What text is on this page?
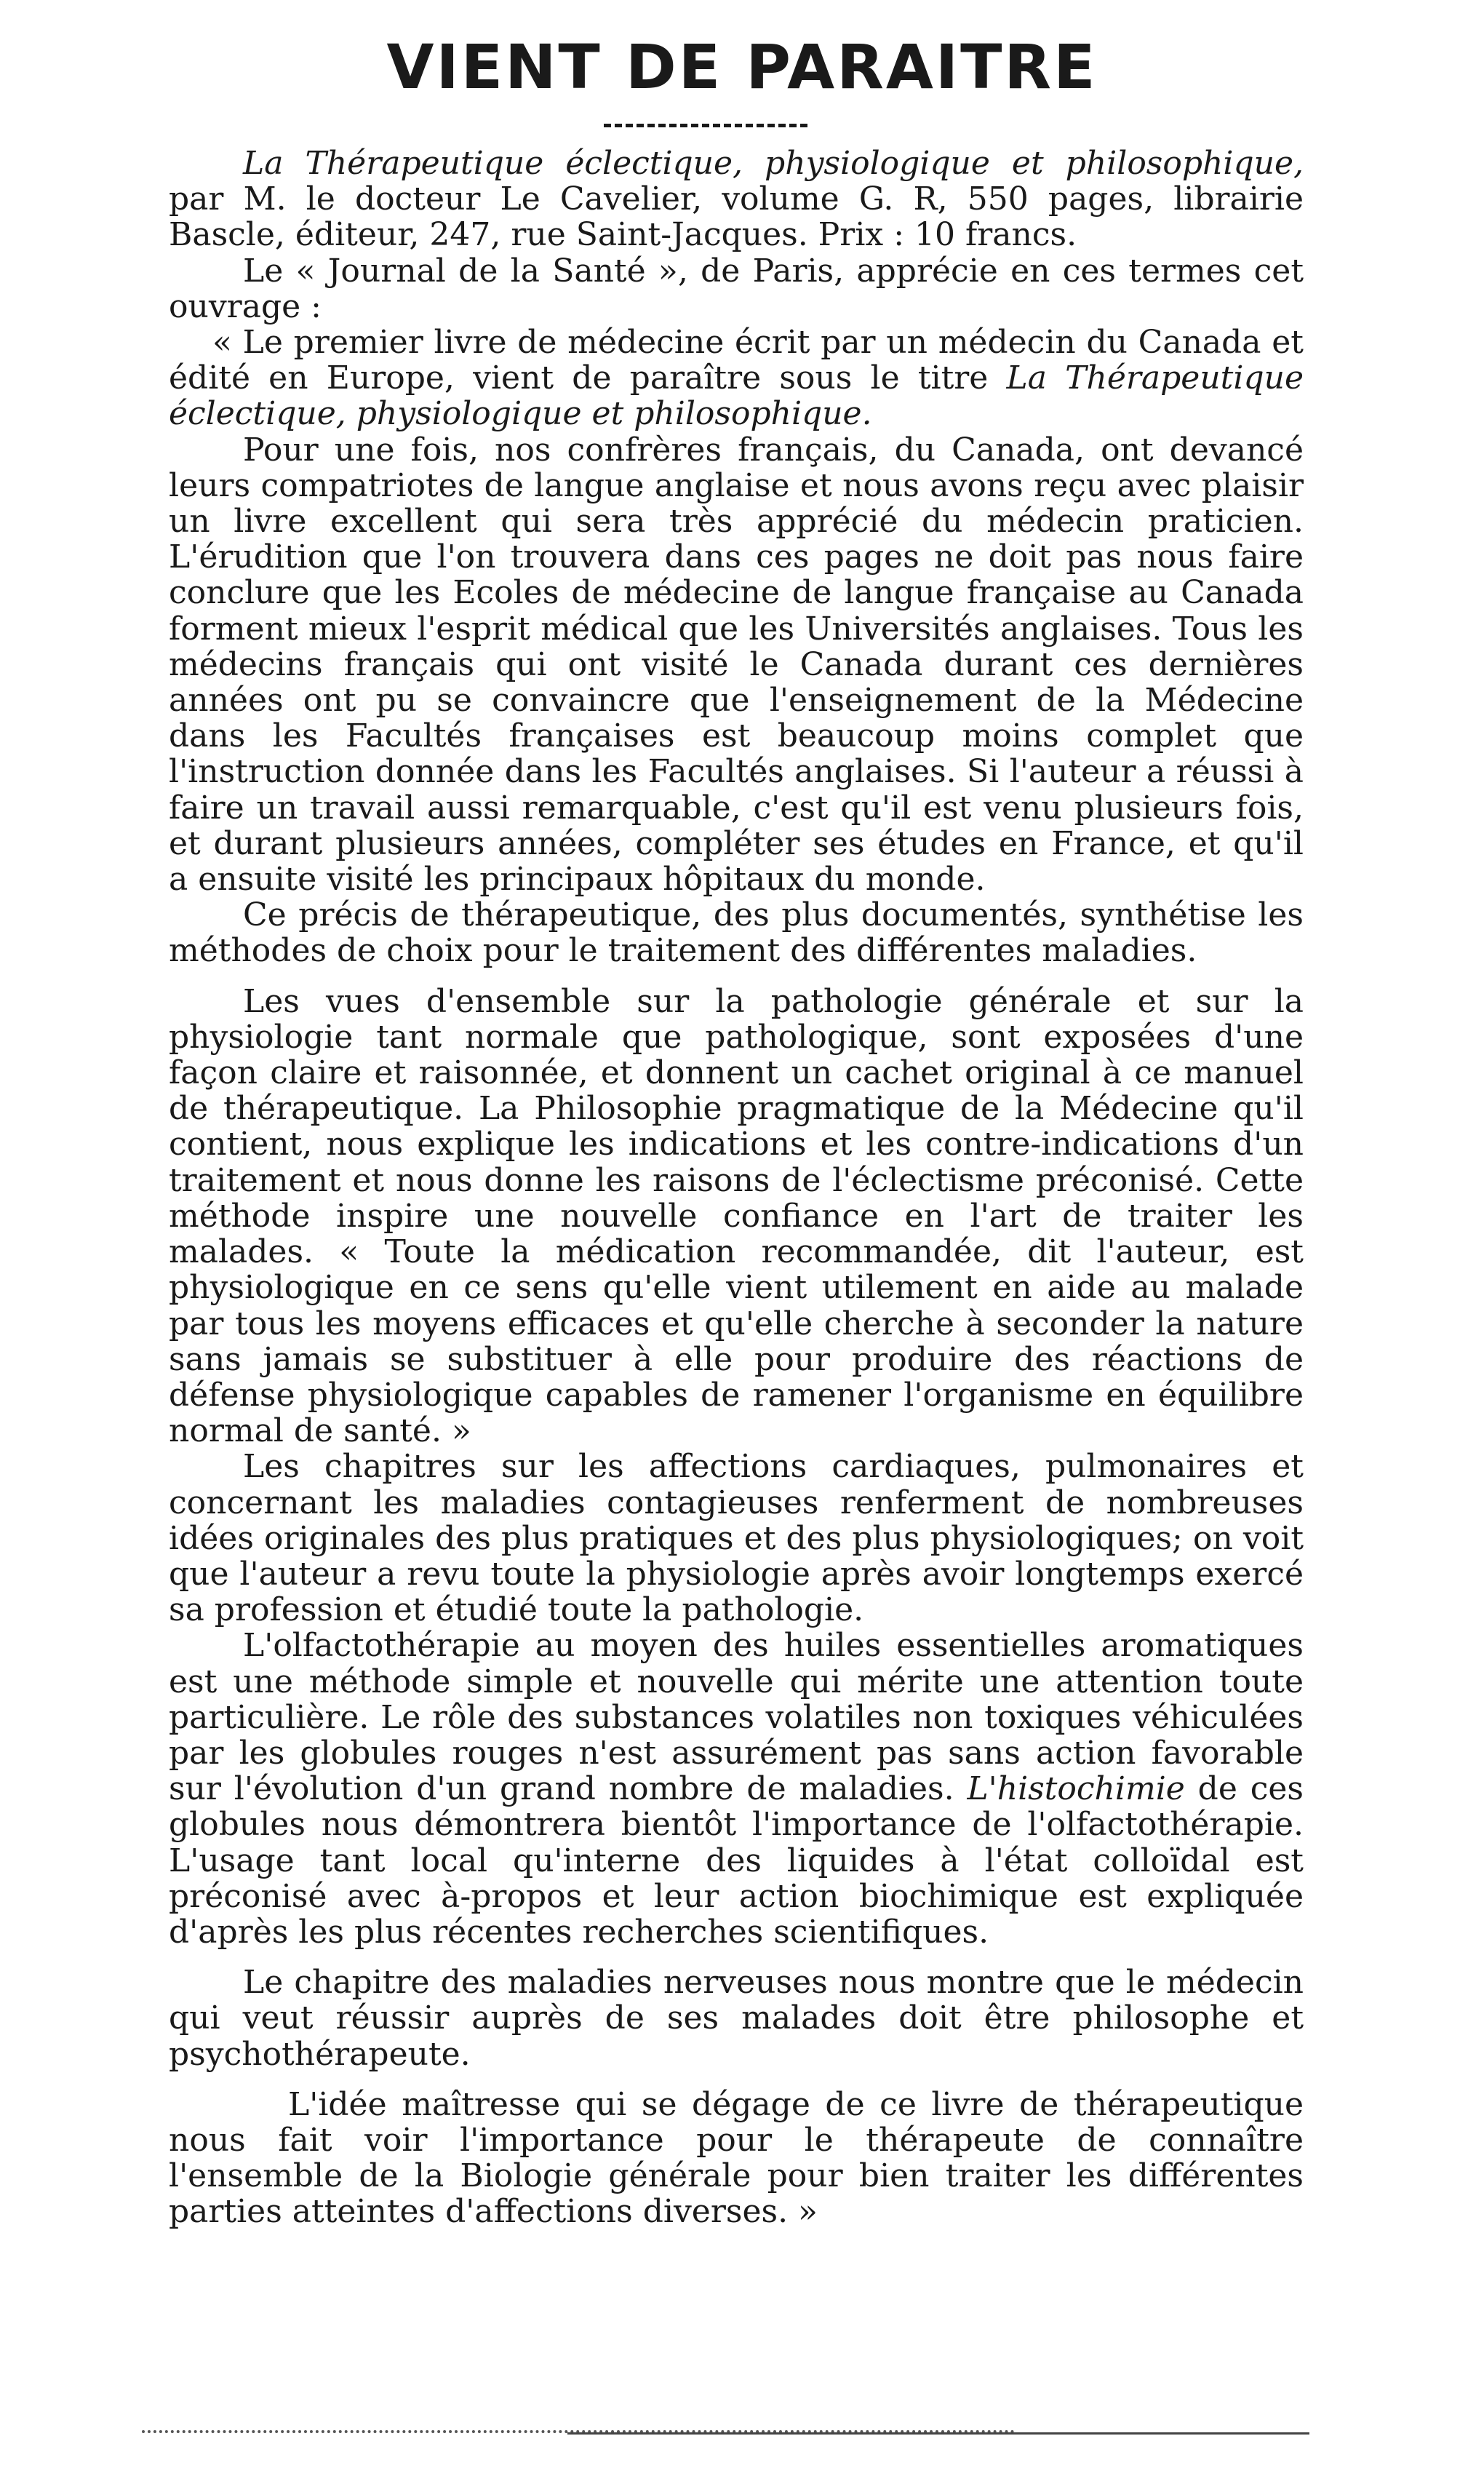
VIENT DE PARAITRE

La Thérapeutique éclectique, physiologique et philosophique, par M. le docteur Le Cavelier, volume G. R, 550 pages, librairie Bascle, éditeur, 247, rue Saint-Jacques. Prix : 10 francs.

Le « Journal de la Santé », de Paris, apprécie en ces termes cet ouvrage :

« Le premier livre de médecine écrit par un médecin du Canada et édité en Europe, vient de paraître sous le titre La Thérapeutique éclectique, physiologique et philosophique.

Pour une fois, nos confrères français, du Canada, ont devancé leurs compatriotes de langue anglaise et nous avons reçu avec plaisir un livre excellent qui sera très apprécié du médecin praticien. L'érudition que l'on trouvera dans ces pages ne doit pas nous faire conclure que les Ecoles de médecine de langue française au Canada forment mieux l'esprit médical que les Universités anglaises. Tous les médecins français qui ont visité le Canada durant ces dernières années ont pu se convaincre que l'enseignement de la Médecine dans les Facultés françaises est beaucoup moins complet que l'instruction donnée dans les Facultés anglaises. Si l'auteur a réussi à faire un travail aussi remarquable, c'est qu'il est venu plusieurs fois, et durant plusieurs années, compléter ses études en France, et qu'il a ensuite visité les principaux hôpitaux du monde.

Ce précis de thérapeutique, des plus documentés, synthétise les méthodes de choix pour le traitement des différentes maladies.

Les vues d'ensemble sur la pathologie générale et sur la physiologie tant normale que pathologique, sont exposées d'une façon claire et raisonnée, et donnent un cachet original à ce manuel de thérapeutique. La Philosophie pragmatique de la Médecine qu'il contient, nous explique les indications et les contre-indications d'un traitement et nous donne les raisons de l'éclectisme préconisé. Cette méthode inspire une nouvelle confiance en l'art de traiter les malades. « Toute la médication recommandée, dit l'auteur, est physiologique en ce sens qu'elle vient utilement en aide au malade par tous les moyens efficaces et qu'elle cherche à seconder la nature sans jamais se substituer à elle pour produire des réactions de défense physiologique capables de ramener l'organisme en équilibre normal de santé. »

Les chapitres sur les affections cardiaques, pulmonaires et concernant les maladies contagieuses renferment de nombreuses idées originales des plus pratiques et des plus physiologiques; on voit que l'auteur a revu toute la physiologie après avoir longtemps exercé sa profession et étudié toute la pathologie.

L'olfactothérapie au moyen des huiles essentielles aromatiques est une méthode simple et nouvelle qui mérite une attention toute particulière. Le rôle des substances volatiles non toxiques véhiculées par les globules rouges n'est assurément pas sans action favorable sur l'évolution d'un grand nombre de maladies. L'histochimie de ces globules nous démontrera bientôt l'importance de l'olfactothérapie. L'usage tant local qu'interne des liquides à l'état colloïdal est préconisé avec à-propos et leur action biochimique est expliquée d'après les plus récentes recherches scientifiques.

Le chapitre des maladies nerveuses nous montre que le médecin qui veut réussir auprès de ses malades doit être philosophe et psychothérapeute.

L'idée maîtresse qui se dégage de ce livre de thérapeutique nous fait voir l'importance pour le thérapeute de connaître l'ensemble de la Biologie générale pour bien traiter les différentes parties atteintes d'affections diverses. »
